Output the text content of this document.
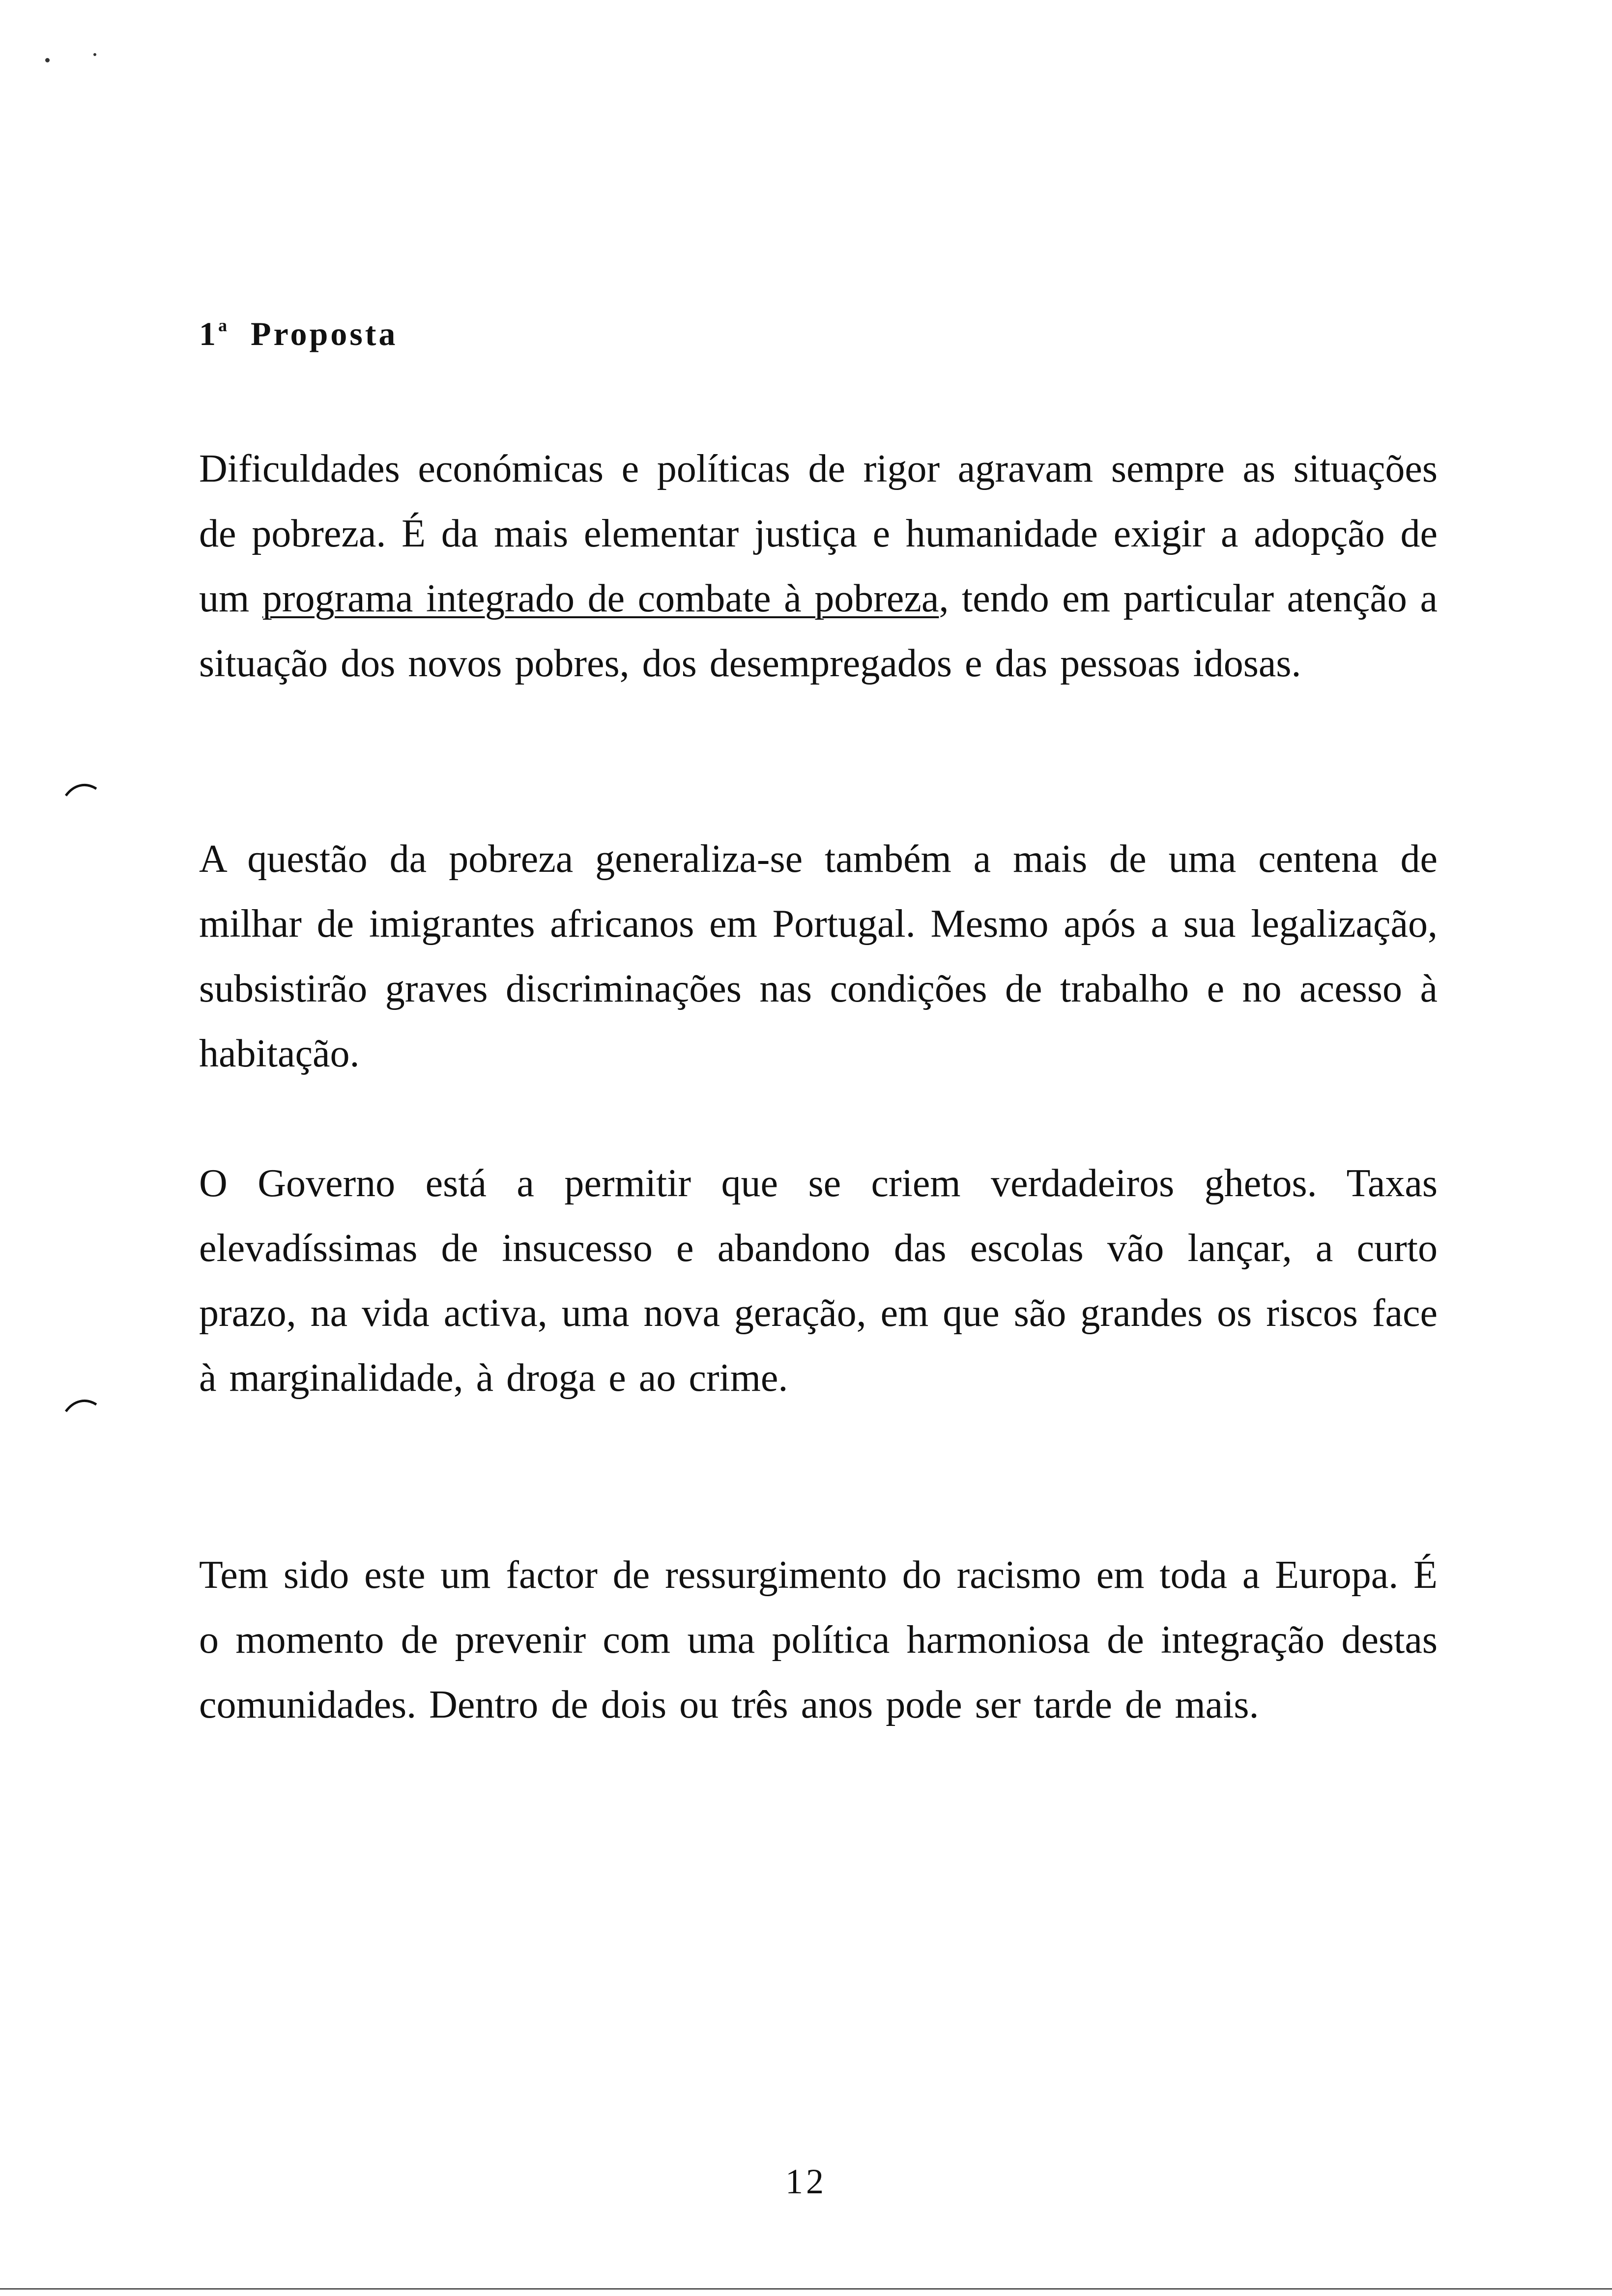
1$^a$ Proposta

Dificuldades económicas e políticas de rigor agravam sempre as situações de pobreza. É da mais elementar justiça e humanidade exigir a adopção de um programa integrado de combate à pobreza, tendo em particular atenção a situação dos novos pobres, dos desempregados e das pessoas idosas.

A questão da pobreza generaliza-se também a mais de uma centena de milhar de imigrantes africanos em Portugal. Mesmo após a sua legalização, subsistirão graves discriminações nas condições de trabalho e no acesso à habitação.

O Governo está a permitir que se criem verdadeiros ghetos. Taxas elevadíssimas de insucesso e abandono das escolas vão lançar, a curto prazo, na vida activa, uma nova geração, em que são grandes os riscos face à marginalidade, à droga e ao crime.

Tem sido este um factor de ressurgimento do racismo em toda a Europa. É o momento de prevenir com uma política harmoniosa de integração destas comunidades. Dentro de dois ou três anos pode ser tarde de mais.

12
